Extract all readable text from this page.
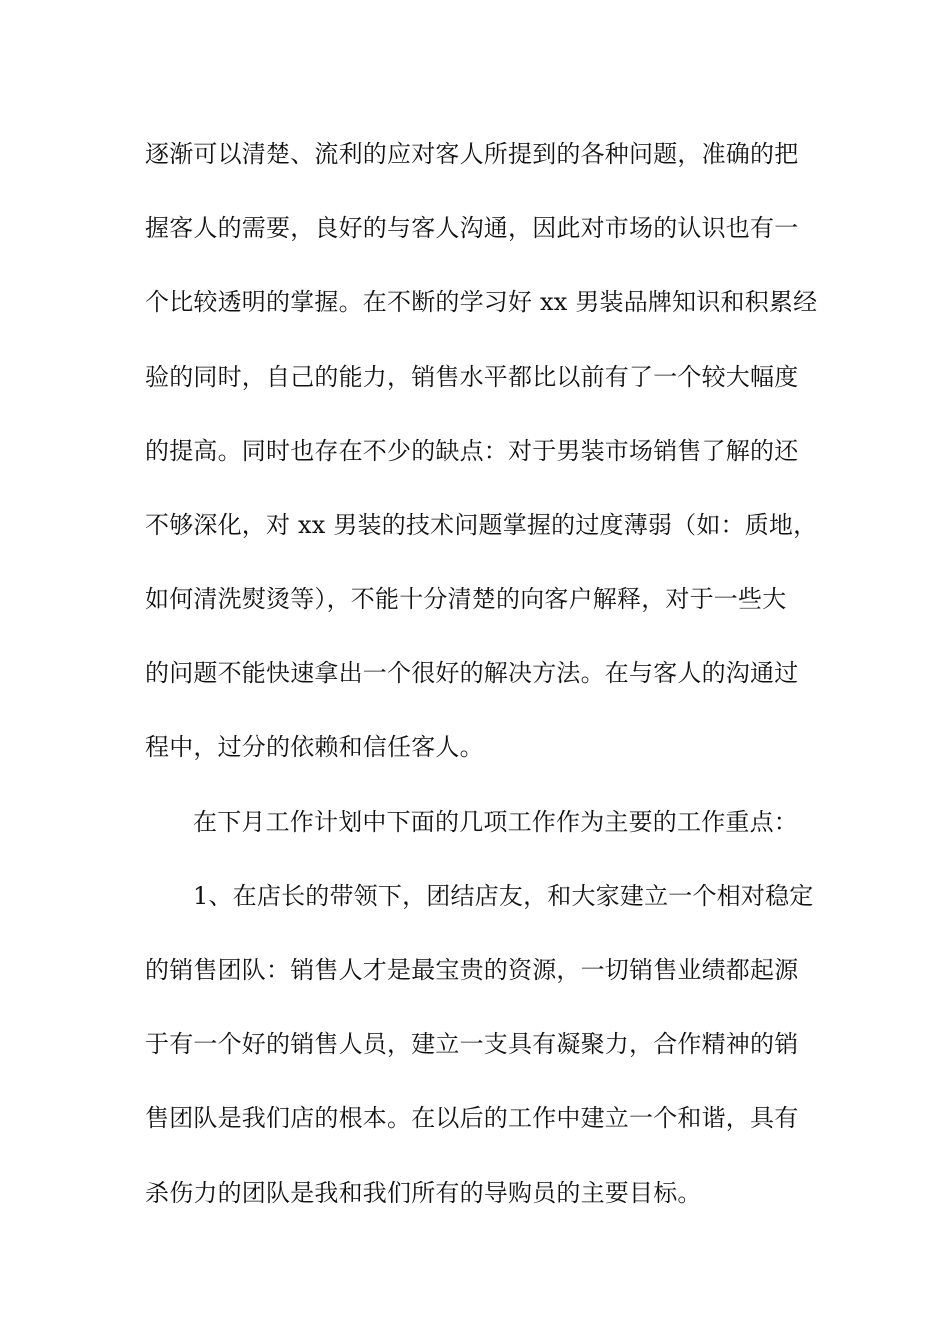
逐渐可以清楚、流利的应对客人所提到的各种问题，准确的把
握客人的需要，良好的与客人沟通，因此对市场的认识也有一
个比较透明的掌握。在不断的学习好 xx 男装品牌知识和积累经
验的同时，自己的能力，销售水平都比以前有了一个较大幅度
的提高。同时也存在不少的缺点：对于男装市场销售了解的还
不够深化，对 xx 男装的技术问题掌握的过度薄弱（如：质地，
如何清洗熨烫等），不能十分清楚的向客户解释，对于一些大
的问题不能快速拿出一个很好的解决方法。在与客人的沟通过
程中，过分的依赖和信任客人。
在下月工作计划中下面的几项工作作为主要的工作重点：
1、在店长的带领下，团结店友，和大家建立一个相对稳定
的销售团队：销售人才是最宝贵的资源，一切销售业绩都起源
于有一个好的销售人员，建立一支具有凝聚力，合作精神的销
售团队是我们店的根本。在以后的工作中建立一个和谐，具有
杀伤力的团队是我和我们所有的导购员的主要目标。
